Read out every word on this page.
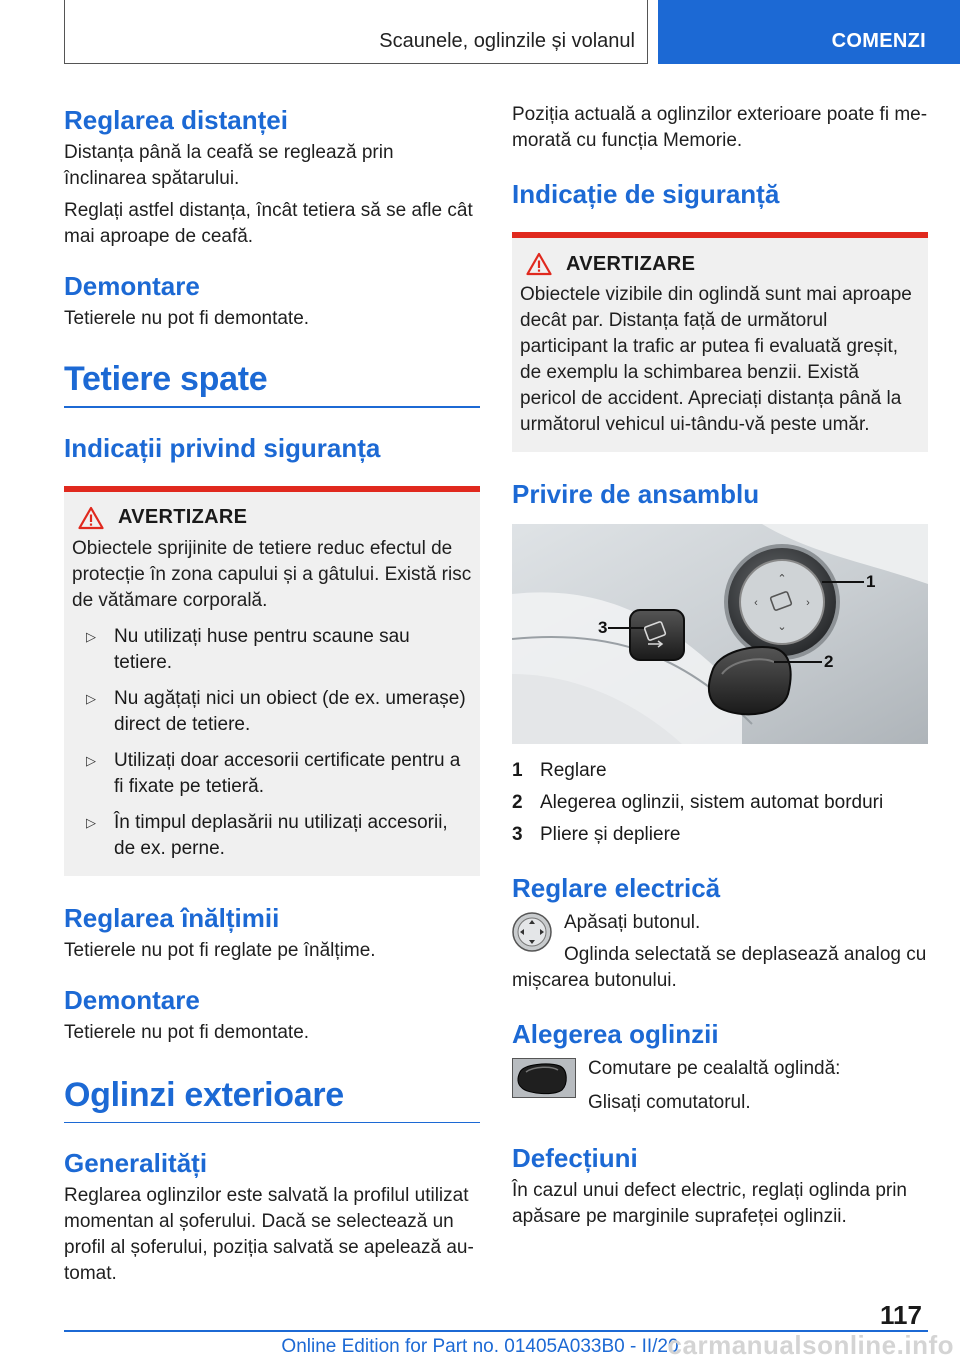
Scaunele, oglinzile și volanul	COMENZI
Reglarea distanței

Distanța până la ceafă se reglează prin înclinarea spătarului.

Reglați astfel distanța, încât tetiera să se afle cât mai aproape de ceafă.

Demontare

Tetierele nu pot fi demontate.

Tetiere spate
Indicații privind siguranța
AVERTIZARE

Obiectele sprijinite de tetiere reduc efectul de protecție în zona capului și a gâtului. Există risc de vătămare corporală.

▷ Nu utilizați huse pentru scaune sau tetiere.
▷ Nu agățați nici un obiect (de ex. umerașe) direct de tetiere.
▷ Utilizați doar accesorii certificate pentru a fi fixate pe tetieră.
▷ În timpul deplasării nu utilizați accesorii, de ex. perne.
Reglarea înălțimii

Tetierele nu pot fi reglate pe înălțime.

Demontare

Tetierele nu pot fi demontate.

Oglinzi exterioare
Generalități

Reglarea oglinzilor este salvată la profilul utilizat momentan al șoferului. Dacă se selectează un profil al șoferului, poziția salvată se apelează au-tomat.

Poziția actuală a oglinzilor exterioare poate fi me-morată cu funcția Memorie.

Indicație de siguranță
AVERTIZARE

Obiectele vizibile din oglindă sunt mai aproape decât par. Distanța față de următorul participant la trafic ar putea fi evaluată greșit, de exemplu la schimbarea benzii. Există pericol de accident. Apreciați distanța până la următorul vehicul ui-tându-vă peste umăr.

Privire de ansamblu
⌃
⌄
‹	›
1
2
3
1 Reglare
2 Alegerea oglinzii, sistem automat borduri
3 Pliere și depliere
Reglare electrică

Apăsați butonul.

Oglinda selectată se deplasează analog cu mișcarea butonului.

Alegerea oglinzii

Comutare pe cealaltă oglindă:

Glisați comutatorul.

Defecțiuni

În cazul unui defect electric, reglați oglinda prin apăsare pe marginile suprafeței oglinzii.

117
Online Edition for Part no. 01405A033B0 - II/20
carmanualsonline.info
